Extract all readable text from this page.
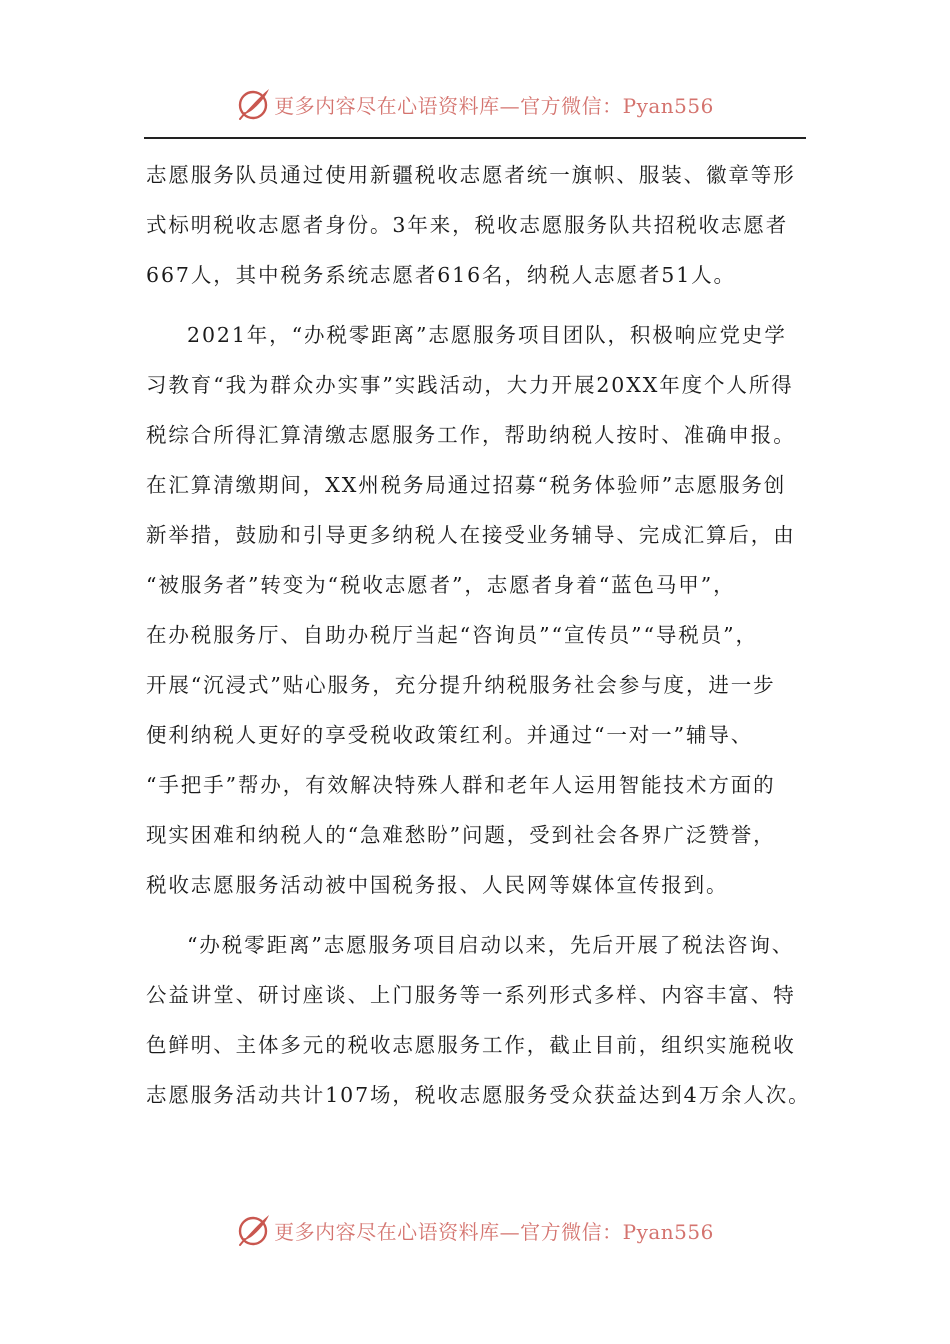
更多内容尽在心语资料库—官方微信：Pyan556

志愿服务队员通过使用新疆税收志愿者统一旗帜、服装、徽章等形
式标明税收志愿者身份。3年来，税收志愿服务队共招税收志愿者
667人，其中税务系统志愿者616名，纳税人志愿者51人。

2021年，“办税零距离”志愿服务项目团队，积极响应党史学
习教育“我为群众办实事”实践活动，大力开展20XX年度个人所得
税综合所得汇算清缴志愿服务工作，帮助纳税人按时、准确申报。
在汇算清缴期间，XX州税务局通过招募“税务体验师”志愿服务创
新举措，鼓励和引导更多纳税人在接受业务辅导、完成汇算后，由
“被服务者”转变为“税收志愿者”，志愿者身着“蓝色马甲”，
在办税服务厅、自助办税厅当起“咨询员”“宣传员”“导税员”，
开展“沉浸式”贴心服务，充分提升纳税服务社会参与度，进一步
便利纳税人更好的享受税收政策红利。并通过“一对一”辅导、
“手把手”帮办，有效解决特殊人群和老年人运用智能技术方面的
现实困难和纳税人的“急难愁盼”问题，受到社会各界广泛赞誉，
税收志愿服务活动被中国税务报、人民网等媒体宣传报到。

“办税零距离”志愿服务项目启动以来，先后开展了税法咨询、
公益讲堂、研讨座谈、上门服务等一系列形式多样、内容丰富、特
色鲜明、主体多元的税收志愿服务工作，截止目前，组织实施税收
志愿服务活动共计107场，税收志愿服务受众获益达到4万余人次。

更多内容尽在心语资料库—官方微信：Pyan556
